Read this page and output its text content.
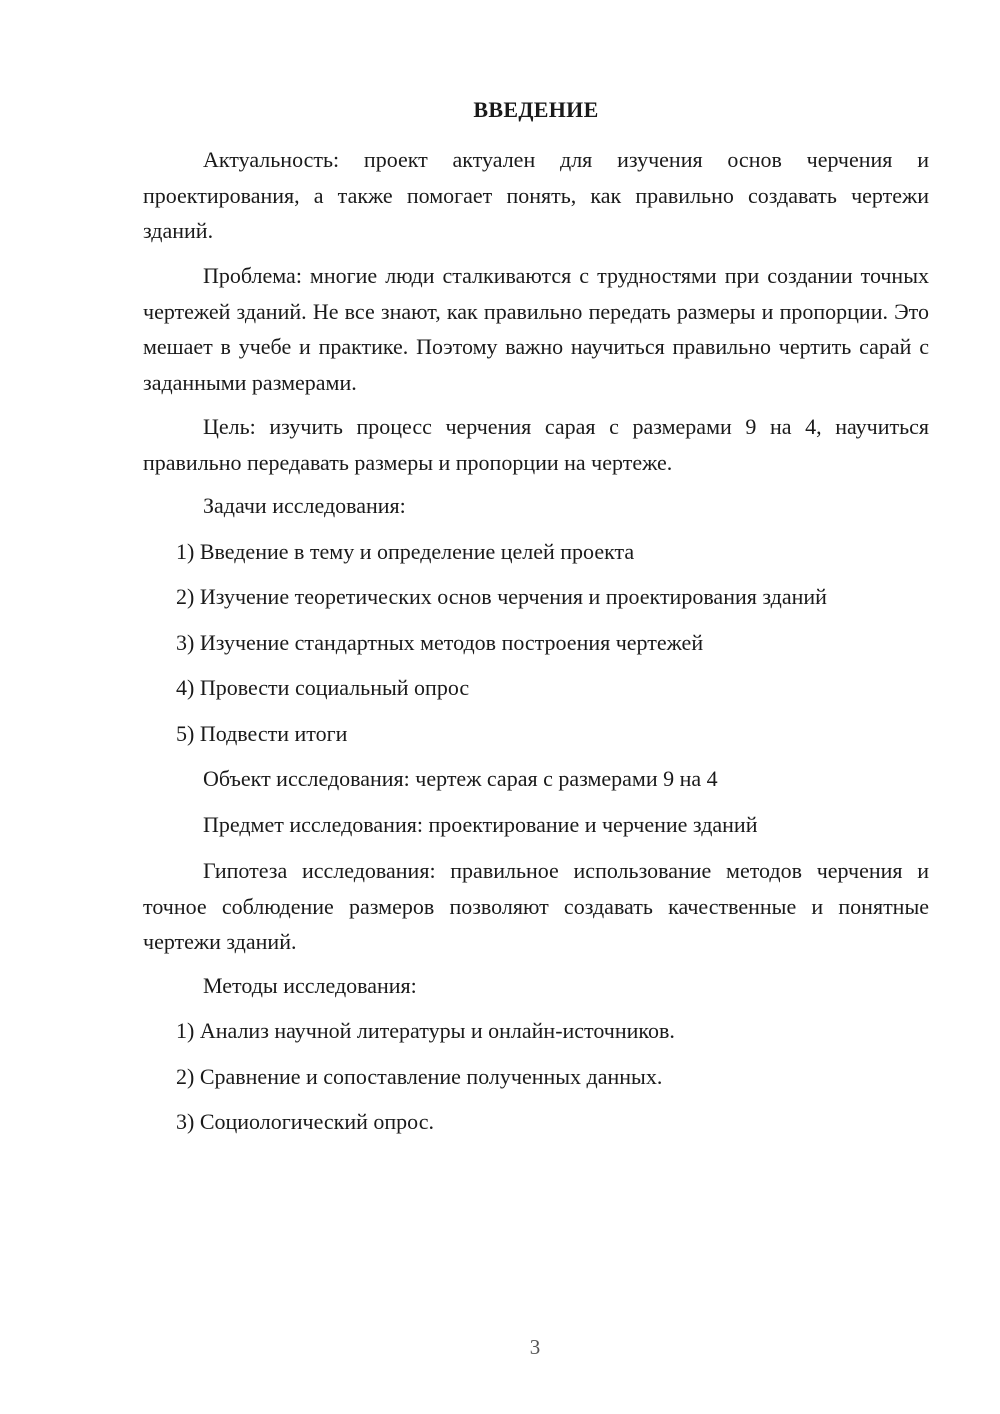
ВВЕДЕНИЕ

Актуальность: проект актуален для изучения основ черчения и проектирования, а также помогает понять, как правильно создавать чертежи зданий.

Проблема: многие люди сталкиваются с трудностями при создании точных чертежей зданий. Не все знают, как правильно передать размеры и пропорции. Это мешает в учебе и практике. Поэтому важно научиться правильно чертить сарай с заданными размерами.

Цель: изучить процесс черчения сарая с размерами 9 на 4, научиться правильно передавать размеры и пропорции на чертеже.

Задачи исследования:
1) Введение в тему и определение целей проекта
2) Изучение теоретических основ черчения и проектирования зданий
3) Изучение стандартных методов построения чертежей
4) Провести социальный опрос
5) Подвести итоги
Объект исследования: чертеж сарая с размерами 9 на 4
Предмет исследования: проектирование и черчение зданий

Гипотеза исследования: правильное использование методов черчения и точное соблюдение размеров позволяют создавать качественные и понятные чертежи зданий.

Методы исследования:
1) Анализ научной литературы и онлайн-источников.
2) Сравнение и сопоставление полученных данных.
3) Социологический опрос.
3
